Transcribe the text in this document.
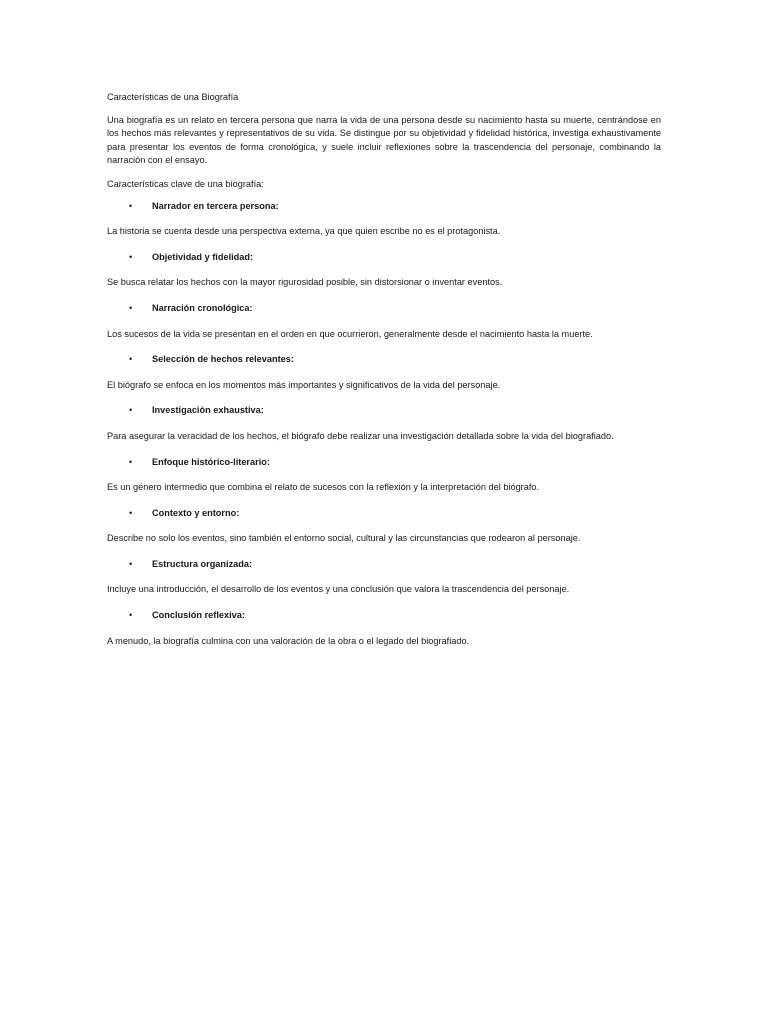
Características de una Biografía

Una biografía es un relato en tercera persona que narra la vida de una persona desde su nacimiento hasta su muerte, centrándose en los hechos más relevantes y representativos de su vida. Se distingue por su objetividad y fidelidad histórica, investiga exhaustivamente para presentar los eventos de forma cronológica, y suele incluir reflexiones sobre la trascendencia del personaje, combinando la narración con el ensayo.

Características clave de una biografía:

• Narrador en tercera persona:

La historia se cuenta desde una perspectiva externa, ya que quien escribe no es el protagonista.

• Objetividad y fidelidad:

Se busca relatar los hechos con la mayor rigurosidad posible, sin distorsionar o inventar eventos.

• Narración cronológica:

Los sucesos de la vida se presentan en el orden en que ocurrieron, generalmente desde el nacimiento hasta la muerte.

• Selección de hechos relevantes:

El biógrafo se enfoca en los momentos más importantes y significativos de la vida del personaje.

• Investigación exhaustiva:

Para asegurar la veracidad de los hechos, el biógrafo debe realizar una investigación detallada sobre la vida del biografiado.

• Enfoque histórico-literario:

Es un género intermedio que combina el relato de sucesos con la reflexión y la interpretación del biógrafo.

• Contexto y entorno:

Describe no solo los eventos, sino también el entorno social, cultural y las circunstancias que rodearon al personaje.

• Estructura organizada:

Incluye una introducción, el desarrollo de los eventos y una conclusión que valora la trascendencia del personaje.

• Conclusión reflexiva:

A menudo, la biografía culmina con una valoración de la obra o el legado del biografiado.
